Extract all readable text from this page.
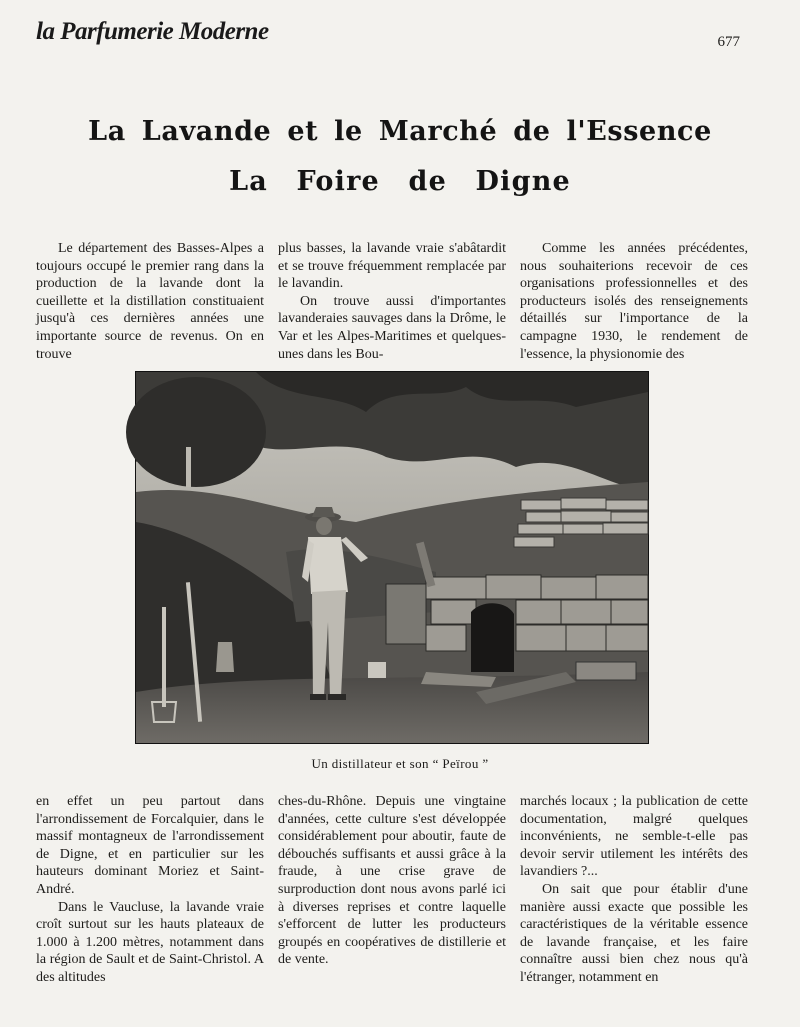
la Parfumerie Moderne	677
La Lavande et le Marché de l'Essence
La Foire de Digne

Le département des Basses-Alpes a toujours occupé le premier rang dans la production de la lavande dont la cueillette et la distillation constituaient jusqu'à ces dernières années une importante source de revenus. On en trouve

plus basses, la lavande vraie s'abâtardit et se trouve fréquemment remplacée par le lavandin.

On trouve aussi d'importantes lavanderaies sauvages dans la Drôme, le Var et les Alpes-Maritimes et quelques-unes dans les Bou-

Comme les années précédentes, nous souhaiterions recevoir de ces organisations professionnelles et des producteurs isolés des renseignements détaillés sur l'importance de la campagne 1930, le rendement de l'essence, la physionomie des

Un distillateur et son “ Peïrou ”

en effet un peu partout dans l'arrondissement de Forcalquier, dans le massif montagneux de l'arrondissement de Digne, et en particulier sur les hauteurs dominant Moriez et Saint-André.

Dans le Vaucluse, la lavande vraie croît surtout sur les hauts plateaux de 1.000 à 1.200 mètres, notamment dans la région de Sault et de Saint-Christol. A des altitudes

ches-du-Rhône. Depuis une vingtaine d'années, cette culture s'est développée considérablement pour aboutir, faute de débouchés suffisants et aussi grâce à la fraude, à une crise grave de surproduction dont nous avons parlé ici à diverses reprises et contre laquelle s'efforcent de lutter les producteurs groupés en coopératives de distillerie et de vente.

marchés locaux ; la publication de cette documentation, malgré quelques inconvénients, ne semble-t-elle pas devoir servir utilement les intérêts des lavandiers ?...

On sait que pour établir d'une manière aussi exacte que possible les caractéristiques de la véritable essence de lavande française, et les faire connaître aussi bien chez nous qu'à l'étranger, notamment en
